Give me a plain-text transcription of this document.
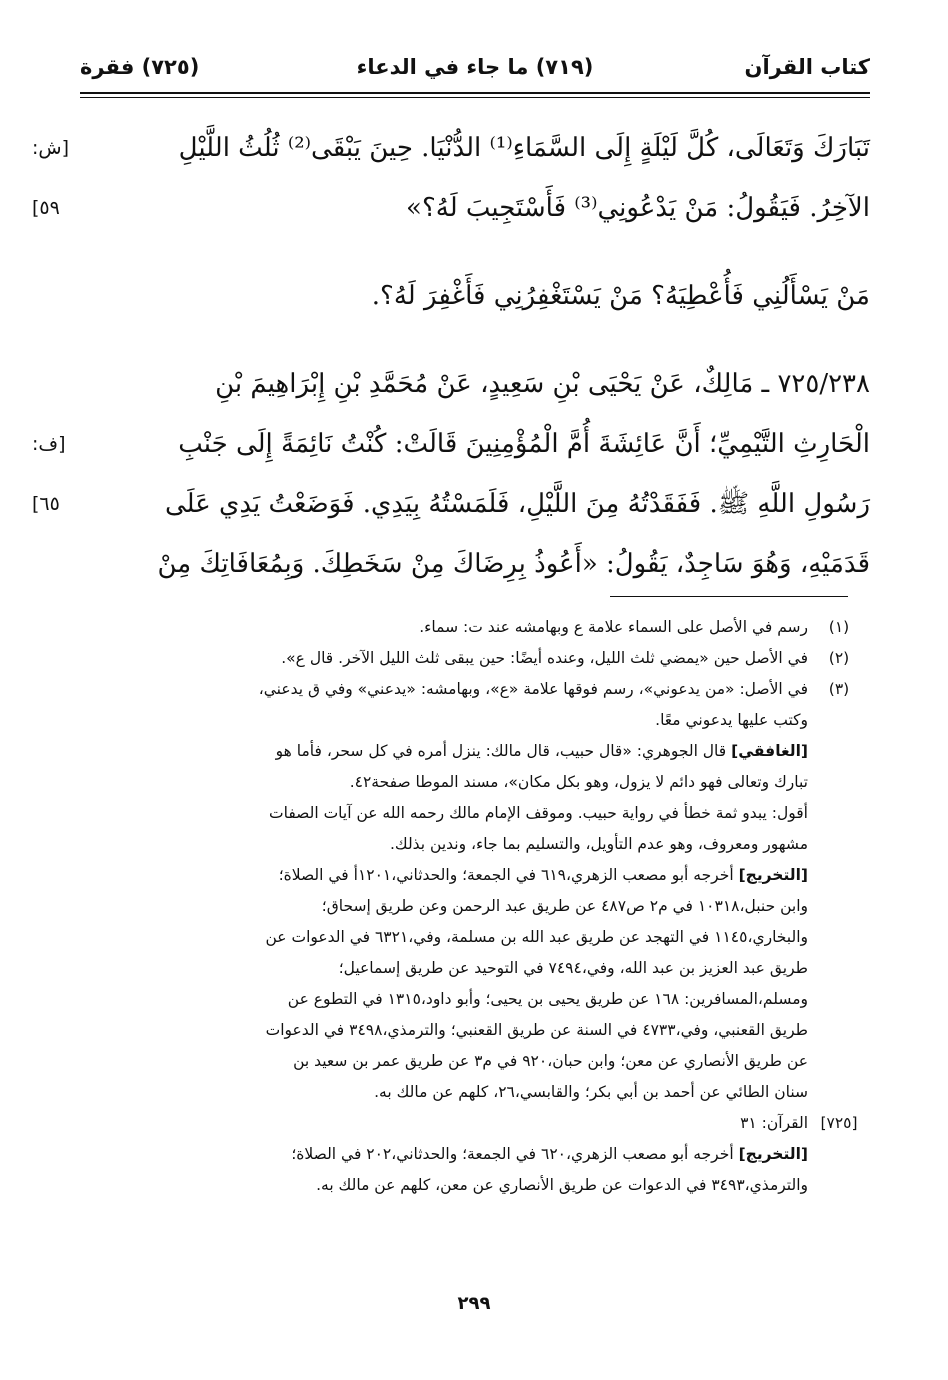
كتاب القرآن
(٧١٩) ما جاء في الدعاء
(٧٢٥) فقرة
تَبَارَكَ وَتَعَالَى، كُلَّ لَيْلَةٍ إِلَى السَّمَاءِ⁽¹⁾ الدُّنْيَا. حِينَ يَبْقَى⁽²⁾ ثُلُثُ اللَّيْلِ
[ش:
الآخِرُ. فَيَقُولُ: مَنْ يَدْعُونِي⁽³⁾ فَأَسْتَجِيبَ لَهُ؟»
٥٩]
مَنْ يَسْأَلُنِي فَأُعْطِيَهُ؟ مَنْ يَسْتَغْفِرُنِي فَأَغْفِرَ لَهُ؟.
٧٢٥/٢٣٨ ـ مَالِكٌ، عَنْ يَحْيَى بْنِ سَعِيدٍ، عَنْ مُحَمَّدِ بْنِ إِبْرَاهِيمَ بْنِ
الْحَارِثِ التَّيْمِيِّ؛ أَنَّ عَائِشَةَ أُمَّ الْمُؤْمِنِينَ قَالَتْ: كُنْتُ نَائِمَةً إِلَى جَنْبِ
[ف:
رَسُولِ اللَّهِ ﷺ. فَفَقَدْتُهُ مِنَ اللَّيْلِ، فَلَمَسْتُهُ بِيَدِي. فَوَضَعْتُ يَدِي عَلَى
٦٥]
قَدَمَيْهِ، وَهُوَ سَاجِدٌ، يَقُولُ: «أَعُوذُ بِرِضَاكَ مِنْ سَخَطِكَ. وَبِمُعَافَاتِكَ مِنْ
(١)
رسم في الأصل على السماء علامة ع وبهامشه عند ت: سماء.
(٢)
في الأصل حين «يمضي ثلث الليل، وعنده أيضًا: حين يبقى ثلث الليل الآخر. قال ع».
(٣)
في الأصل: «من يدعوني»، رسم فوقها علامة «ع»، وبهامشه: «يدعني» وفي ق يدعني،
وكتب عليها يدعوني معًا.
[الغافقي] قال الجوهري: «قال حبيب، قال مالك: ينزل أمره في كل سحر، فأما هو
تبارك وتعالى فهو دائم لا يزول، وهو بكل مكان»، مسند الموطا صفحة٤٢.
أقول: يبدو ثمة خطأ في رواية حبيب. وموقف الإمام مالك رحمه الله عن آيات الصفات
مشهور ومعروف، وهو عدم التأويل، والتسليم بما جاء، وندين بذلك.
[التخريج] أخرجه أبو مصعب الزهري،٦١٩ في الجمعة؛ والحدثاني،١٢٠١أ في الصلاة؛
وابن حنبل،١٠٣١٨ في م٢ ص٤٨٧ عن طريق عبد الرحمن وعن طريق إسحاق؛
والبخاري،١١٤٥ في التهجد عن طريق عبد الله بن مسلمة، وفي،٦٣٢١ في الدعوات عن
طريق عبد العزيز بن عبد الله، وفي،٧٤٩٤ في التوحيد عن طريق إسماعيل؛
ومسلم،المسافرين: ١٦٨ عن طريق يحيى بن يحيى؛ وأبو داود،١٣١٥ في التطوع عن
طريق القعنبي، وفي،٤٧٣٣ في السنة عن طريق القعنبي؛ والترمذي،٣٤٩٨ في الدعوات
عن طريق الأنصاري عن معن؛ وابن حبان،٩٢٠ في م٣ عن طريق عمر بن سعيد بن
سنان الطائي عن أحمد بن أبي بكر؛ والقابسي،٢٦، كلهم عن مالك به.
[٧٢٥]
القرآن: ٣١
[التخريج] أخرجه أبو مصعب الزهري،٦٢٠ في الجمعة؛ والحدثاني،٢٠٢ في الصلاة؛
والترمذي،٣٤٩٣ في الدعوات عن طريق الأنصاري عن معن، كلهم عن مالك به.
٢٩٩
